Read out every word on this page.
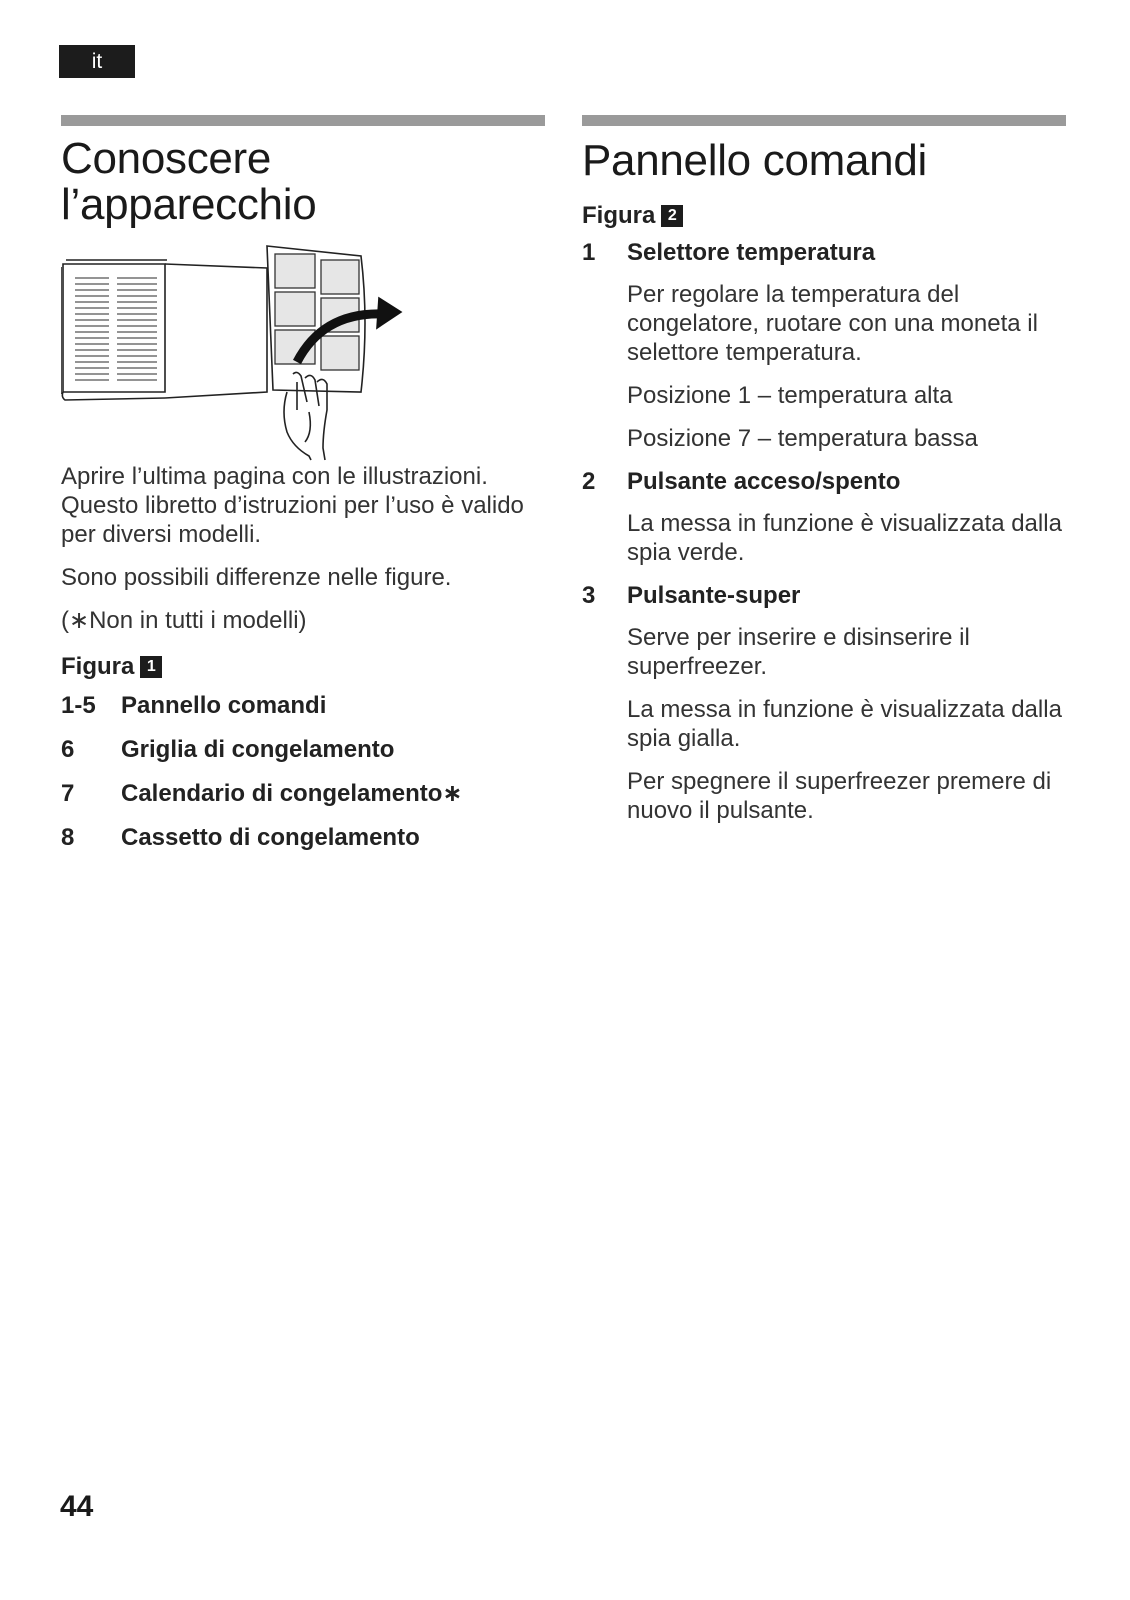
it
Conoscere
l’apparecchio

Aprire l’ultima pagina con le illustrazioni. Questo libretto d’istruzioni per l’uso è valido per diversi modelli.

Sono possibili differenze nelle figure.

(∗Non in tutti i modelli)

Figura 1
1-5	Pannello comandi
6	Griglia di congelamento
7	Calendario di congelamento∗
8	Cassetto di congelamento
Pannello comandi
Figura 2
1	Selettore temperatura

Per regolare la temperatura del congelatore, ruotare con una moneta il selettore temperatura.

Posizione 1 – temperatura alta

Posizione 7 – temperatura bassa

2	Pulsante acceso/spento

La messa in funzione è visualizzata dalla spia verde.

3	Pulsante-super

Serve per inserire e disinserire il superfreezer.

La messa in funzione è visualizzata dalla spia gialla.

Per spegnere il superfreezer premere di nuovo il pulsante.

44
